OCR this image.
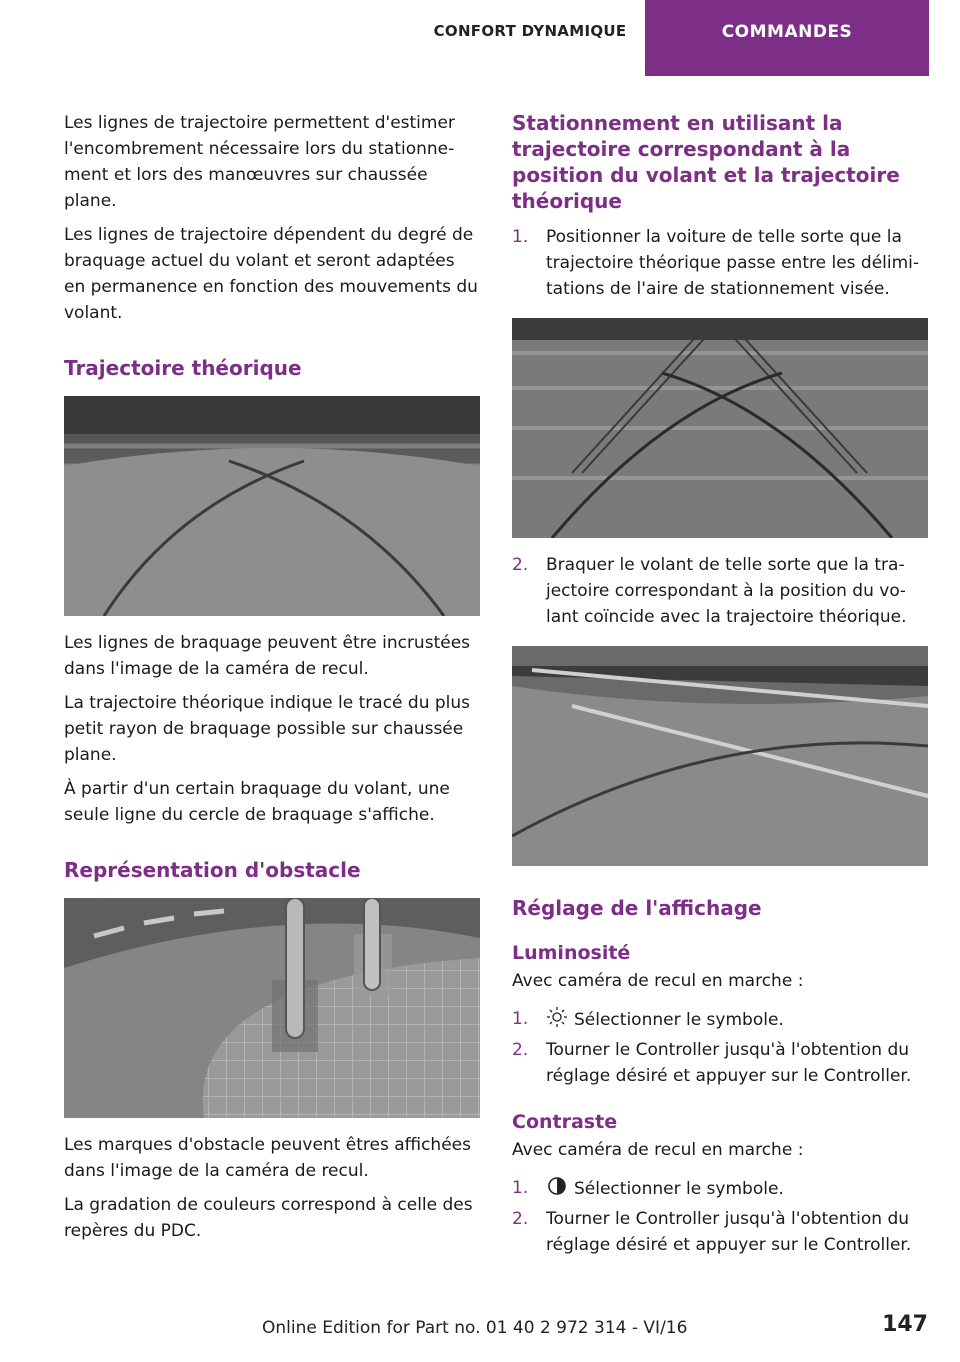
CONFORT DYNAMIQUE	COMMANDES

Les lignes de trajectoire permettent d'estimer l'encombrement nécessaire lors du stationnement et lors des manœuvres sur chaussée plane.

Les lignes de trajectoire dépendent du degré de braquage actuel du volant et seront adaptées en permanence en fonction des mouvements du volant.

Trajectoire théorique

Les lignes de braquage peuvent être incrustées dans l'image de la caméra de recul.

La trajectoire théorique indique le tracé du plus petit rayon de braquage possible sur chaussée plane.

À partir d'un certain braquage du volant, une seule ligne du cercle de braquage s'affiche.

Représentation d'obstacle

Les marques d'obstacle peuvent êtres affichées dans l'image de la caméra de recul.

La gradation de couleurs correspond à celle des repères du PDC.

Stationnement en utilisant la trajectoire correspondant à la position du volant et la trajectoire théorique
1. Positionner la voiture de telle sorte que la trajectoire théorique passe entre les délimitations de l'aire de stationnement visée.
2. Braquer le volant de telle sorte que la trajectoire correspondant à la position du volant coïncide avec la trajectoire théorique.
Réglage de l'affichage
Luminosité

Avec caméra de recul en marche :

1.	Sélectionner le symbole.
2. Tourner le Controller jusqu'à l'obtention du réglage désiré et appuyer sur le Controller.
Contraste

Avec caméra de recul en marche :

1.	Sélectionner le symbole.
2. Tourner le Controller jusqu'à l'obtention du réglage désiré et appuyer sur le Controller.
Online Edition for Part no. 01 40 2 972 314 - VI/16	147
